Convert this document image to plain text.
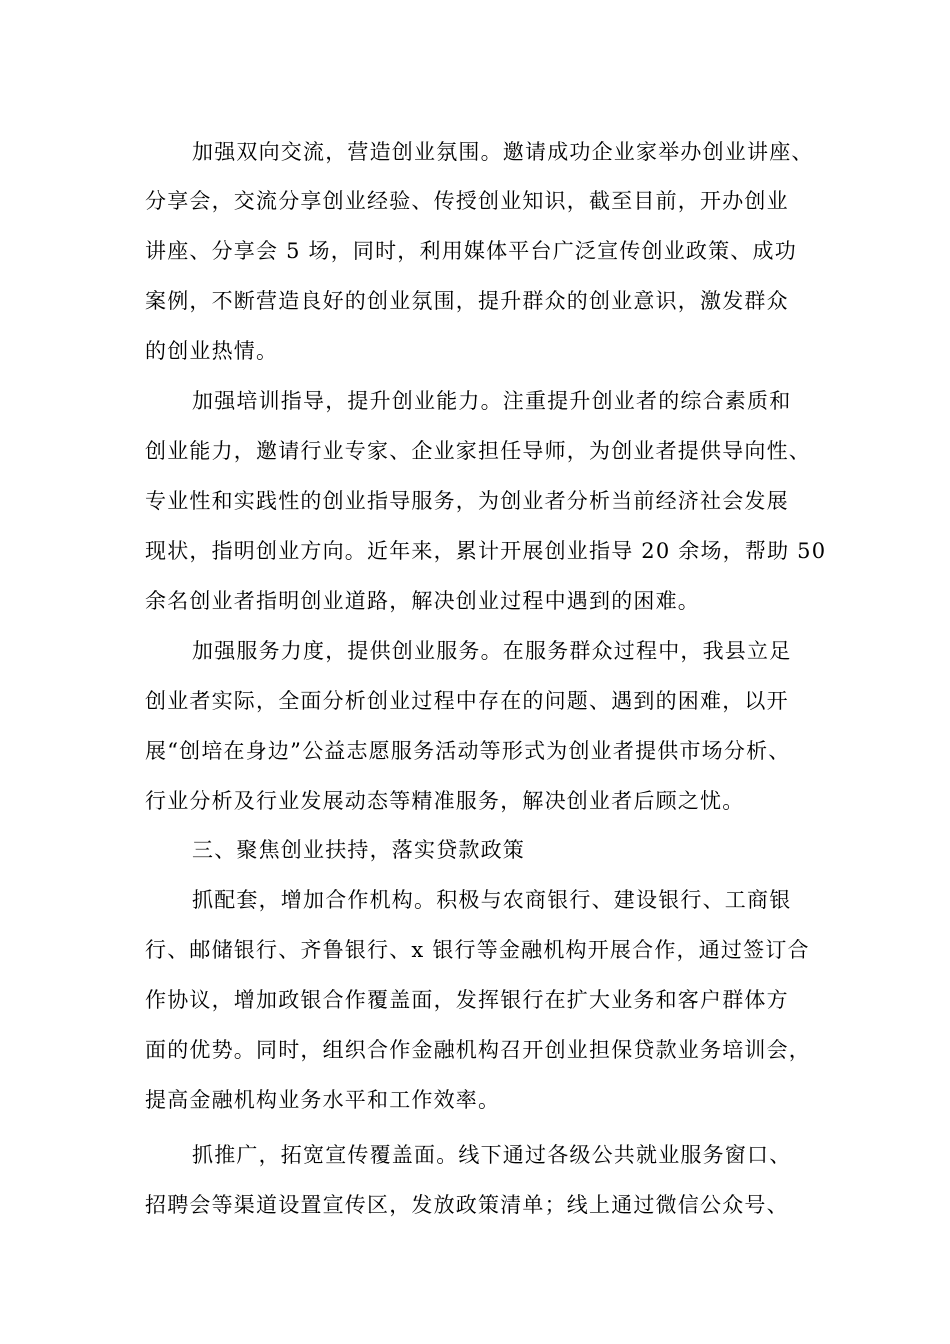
加强双向交流，营造创业氛围。邀请成功企业家举办创业讲座、
分享会，交流分享创业经验、传授创业知识，截至目前，开办创业
讲座、分享会 5 场，同时，利用媒体平台广泛宣传创业政策、成功
案例，不断营造良好的创业氛围，提升群众的创业意识，激发群众
的创业热情。
加强培训指导，提升创业能力。注重提升创业者的综合素质和
创业能力，邀请行业专家、企业家担任导师，为创业者提供导向性、
专业性和实践性的创业指导服务，为创业者分析当前经济社会发展
现状，指明创业方向。近年来，累计开展创业指导 20 余场，帮助 50
余名创业者指明创业道路，解决创业过程中遇到的困难。
加强服务力度，提供创业服务。在服务群众过程中，我县立足
创业者实际，全面分析创业过程中存在的问题、遇到的困难，以开
展“创培在身边”公益志愿服务活动等形式为创业者提供市场分析、
行业分析及行业发展动态等精准服务，解决创业者后顾之忧。
三、聚焦创业扶持，落实贷款政策
抓配套，增加合作机构。积极与农商银行、建设银行、工商银
行、邮储银行、齐鲁银行、x 银行等金融机构开展合作，通过签订合
作协议，增加政银合作覆盖面，发挥银行在扩大业务和客户群体方
面的优势。同时，组织合作金融机构召开创业担保贷款业务培训会，
提高金融机构业务水平和工作效率。
抓推广，拓宽宣传覆盖面。线下通过各级公共就业服务窗口、
招聘会等渠道设置宣传区，发放政策清单；线上通过微信公众号、
